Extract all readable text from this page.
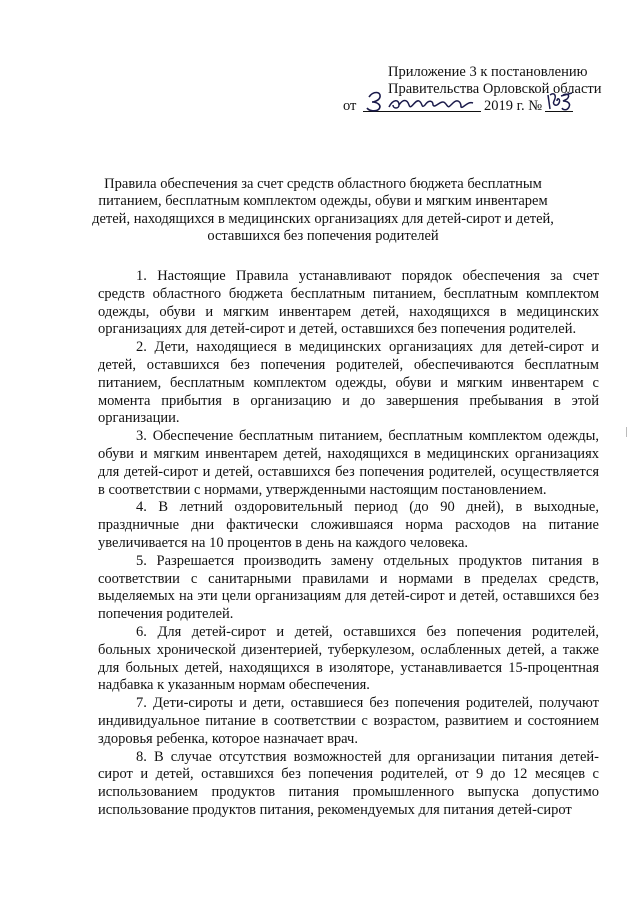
Приложение 3 к постановлению
Правительства Орловской области
от	2019 г. №
Правила обеспечения за счет средств областного бюджета бесплатным питанием, бесплатным комплектом одежды, обуви и мягким инвентарем детей, находящихся в медицинских организациях для детей-сирот и детей, оставшихся без попечения родителей

1. Настоящие Правила устанавливают порядок обеспечения за счет средств областного бюджета бесплатным питанием, бесплатным комплектом одежды, обуви и мягким инвентарем детей, находящихся в медицинских организациях для детей-сирот и детей, оставшихся без попечения родителей.

2. Дети, находящиеся в медицинских организациях для детей-сирот и детей, оставшихся без попечения родителей, обеспечиваются бесплатным питанием, бесплатным комплектом одежды, обуви и мягким инвентарем с момента прибытия в организацию и до завершения пребывания в этой организации.

3. Обеспечение бесплатным питанием, бесплатным комплектом одежды, обуви и мягким инвентарем детей, находящихся в медицинских организациях для детей-сирот и детей, оставшихся без попечения родителей, осуществляется в соответствии с нормами, утвержденными настоящим постановлением.

4. В летний оздоровительный период (до 90 дней), в выходные, праздничные дни фактически сложившаяся норма расходов на питание увеличивается на 10 процентов в день на каждого человека.

5. Разрешается производить замену отдельных продуктов питания в соответствии с санитарными правилами и нормами в пределах средств, выделяемых на эти цели организациям для детей-сирот и детей, оставшихся без попечения родителей.

6. Для детей-сирот и детей, оставшихся без попечения родителей, больных хронической дизентерией, туберкулезом, ослабленных детей, а также для больных детей, находящихся в изоляторе, устанавливается 15-процентная надбавка к указанным нормам обеспечения.

7. Дети-сироты и дети, оставшиеся без попечения родителей, получают индивидуальное питание в соответствии с возрастом, развитием и состоянием здоровья ребенка, которое назначает врач.

8. В случае отсутствия возможностей для организации питания детей-сирот и детей, оставшихся без попечения родителей, от 9 до 12 месяцев с использованием продуктов питания промышленного выпуска допустимо использование продуктов питания, рекомендуемых для питания детей-сирот
